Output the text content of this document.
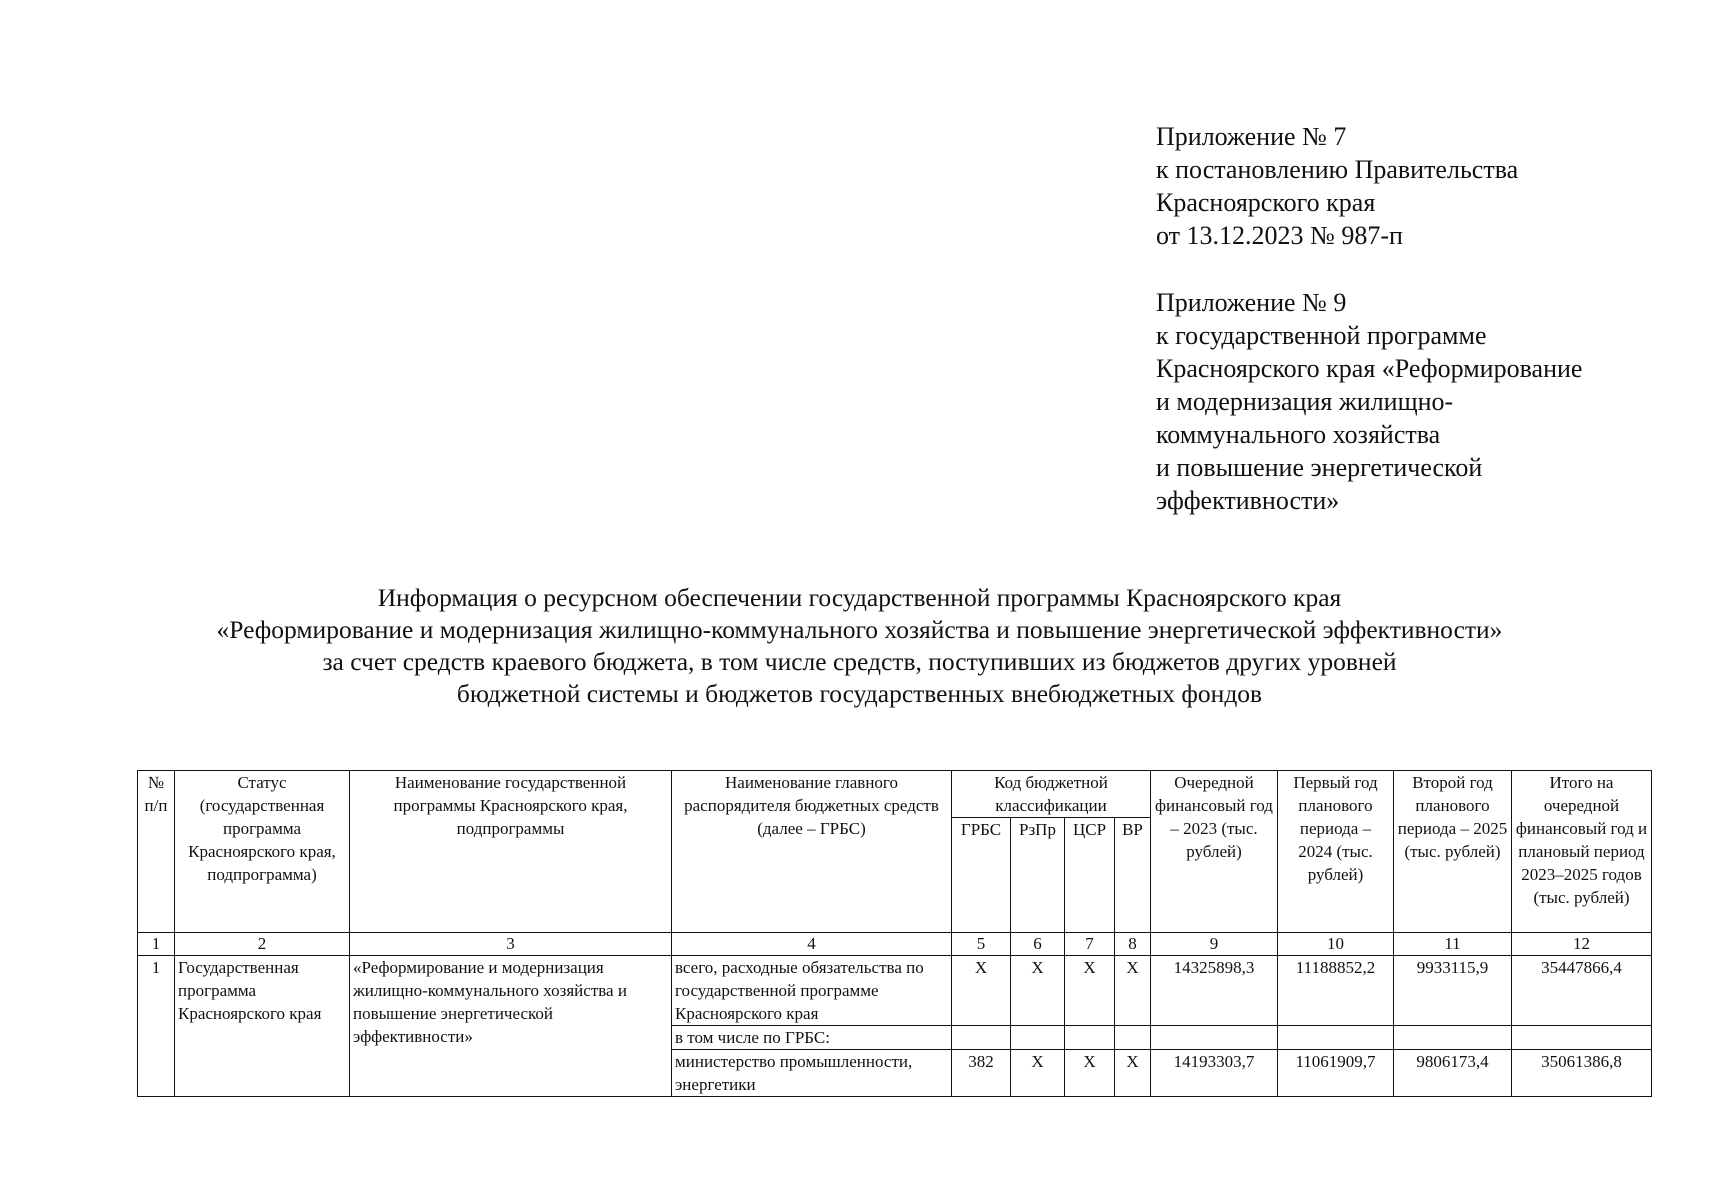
Приложение № 7
к постановлению Правительства
Красноярского края
от 13.12.2023 № 987-п
Приложение № 9
к государственной программе
Красноярского края «Реформирование
и модернизация жилищно-
коммунального хозяйства
и повышение энергетической
эффективности»
Информация о ресурсном обеспечении государственной программы Красноярского края
«Реформирование и модернизация жилищно-коммунального хозяйства и повышение энергетической эффективности»
за счет средств краевого бюджета, в том числе средств, поступивших из бюджетов других уровней
бюджетной системы и бюджетов государственных внебюджетных фондов
№ п/п	Статус (государственная программа Красноярского края, подпрограмма)	Наименование государственной программы Красноярского края, подпрограммы	Наименование главного распорядителя бюджетных средств (далее – ГРБС)	Код бюджетной классификации				Очередной финансовый год – 2023 (тыс. рублей)	Первый год планового периода – 2024 (тыс. рублей)	Второй год планового периода – 2025 (тыс. рублей)	Итого на очередной финансовый год и плановый период 2023–2025 годов (тыс. рублей)
				ГРБС	РзПр	ЦСР	ВР				
1	2	3	4	5	6	7	8	9	10	11	12
1	Государственная программа Красноярского края	«Реформирование и модернизация жилищно-коммунального хозяйства и повышение энергетической эффективности»	всего, расходные обязательства по государственной программе Красноярского края	Х	Х	Х	Х	14325898,3	11188852,2	9933115,9	35447866,4
			в том числе по ГРБС:								
			министерство промышленности, энергетики	382	Х	Х	Х	14193303,7	11061909,7	9806173,4	35061386,8
